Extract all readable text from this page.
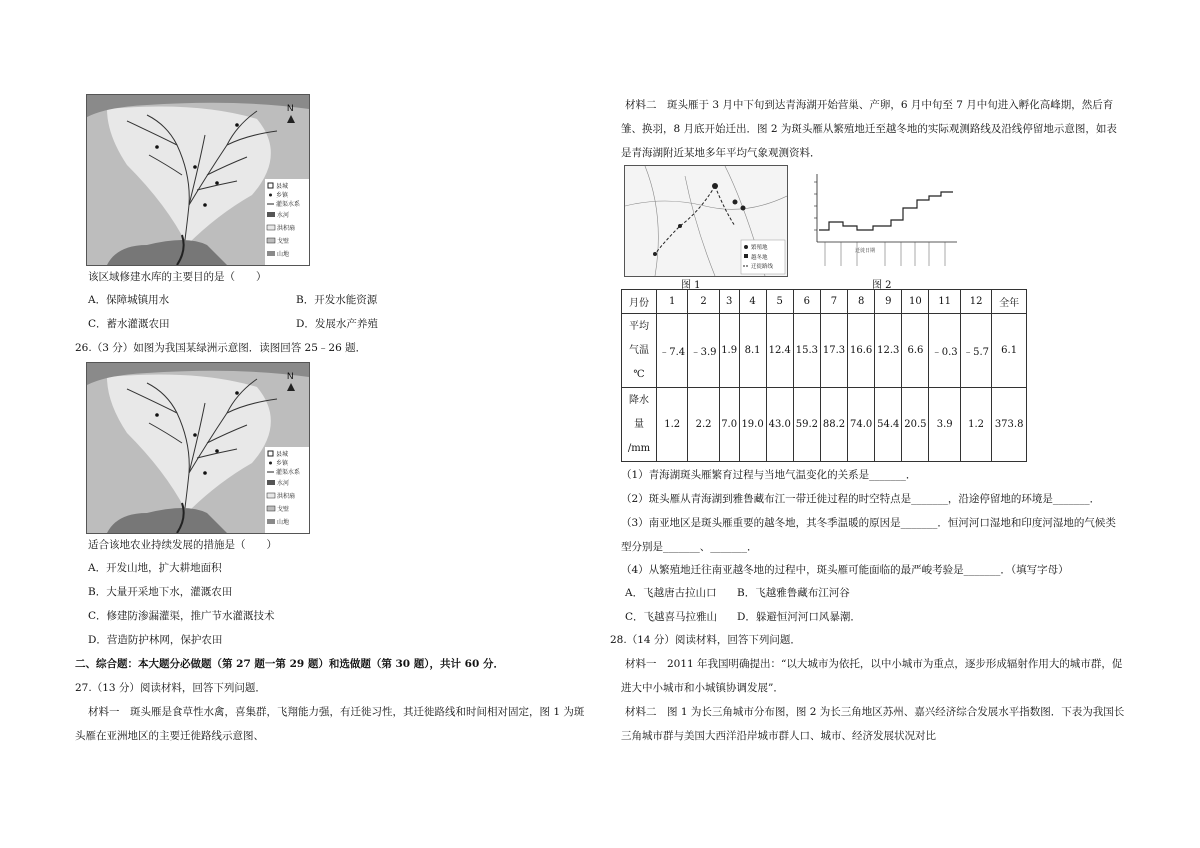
N
县城
乡镇
灌渠水系
水河
洪积扇
戈壁
山地
该区域修建水库的主要目的是（　　）
A．保障城镇用水	B．开发水能资源
C．蓄水灌溉农田	D．发展水产养殖
26.（3 分）如图为我国某绿洲示意图．读图回答 25﹣26 题．
N
县城
乡镇
灌渠水系
水河
洪积扇
戈壁
山地
适合该地农业持续发展的措施是（　　）
A．开发山地，扩大耕地面积
B．大量开采地下水，灌溉农田
C．修建防渗漏灌渠，推广节水灌溉技术
D．营造防护林网，保护农田
二、综合题：本大题分必做题（第 27 题一第 29 题）和选做题（第 30 题），共计 60 分．
27.（13 分）阅读材料，回答下列问题．
材料一　斑头雁是食草性水禽，喜集群，飞翔能力强，有迁徙习性，其迁徙路线和时间相对固定，图 1 为斑
头雁在亚洲地区的主要迁徙路线示意图、
材料二　斑头雁于 3 月中下旬到达青海湖开始营巢、产卵，6 月中旬至 7 月中旬进入孵化高峰期，然后育
雏、换羽，8 月底开始迁出．图 2 为斑头雁从繁殖地迁至越冬地的实际观测路线及沿线停留地示意图，如表
是青海湖附近某地多年平均气象观测资料．
繁殖地
越冬地
迁徙路线
图 1
迁徙日期
图 2
月份	1	2	3	4	5	6	7	8	9	10	11	12	全年

平均
气温
℃	﹣7.4	﹣3.9	1.9	8.1	12.4	15.3	17.3	16.6	12.3	6.6	﹣0.3	﹣5.7	6.1

降水
量
/mm	1.2	2.2	7.0	19.0	43.0	59.2	88.2	74.0	54.4	20.5	3.9	1.2	373.8
（1）青海湖斑头雁繁育过程与当地气温变化的关系是_______．
（2）斑头雁从青海湖到雅鲁藏布江一带迁徙过程的时空特点是_______，沿途停留地的环境是_______．
（3）南亚地区是斑头雁重要的越冬地，其冬季温暖的原因是_______．恒河河口湿地和印度河湿地的气候类
型分别是_______、_______．
（4）从繁殖地迁往南亚越冬地的过程中，斑头雁可能面临的最严峻考验是_______．（填写字母）
A．飞越唐古拉山口 B．飞越雅鲁藏布江河谷
C．飞越喜马拉雅山 D．躲避恒河河口风暴潮．
28.（14 分）阅读材料，回答下列问题．
材料一　2011 年我国明确提出：“以大城市为依托，以中小城市为重点，逐步形成辐射作用大的城市群，促
进大中小城市和小城镇协调发展”．
材料二　图 1 为长三角城市分布图，图 2 为长三角地区苏州、嘉兴经济综合发展水平指数图．下表为我国长
三角城市群与美国大西洋沿岸城市群人口、城市、经济发展状况对比
